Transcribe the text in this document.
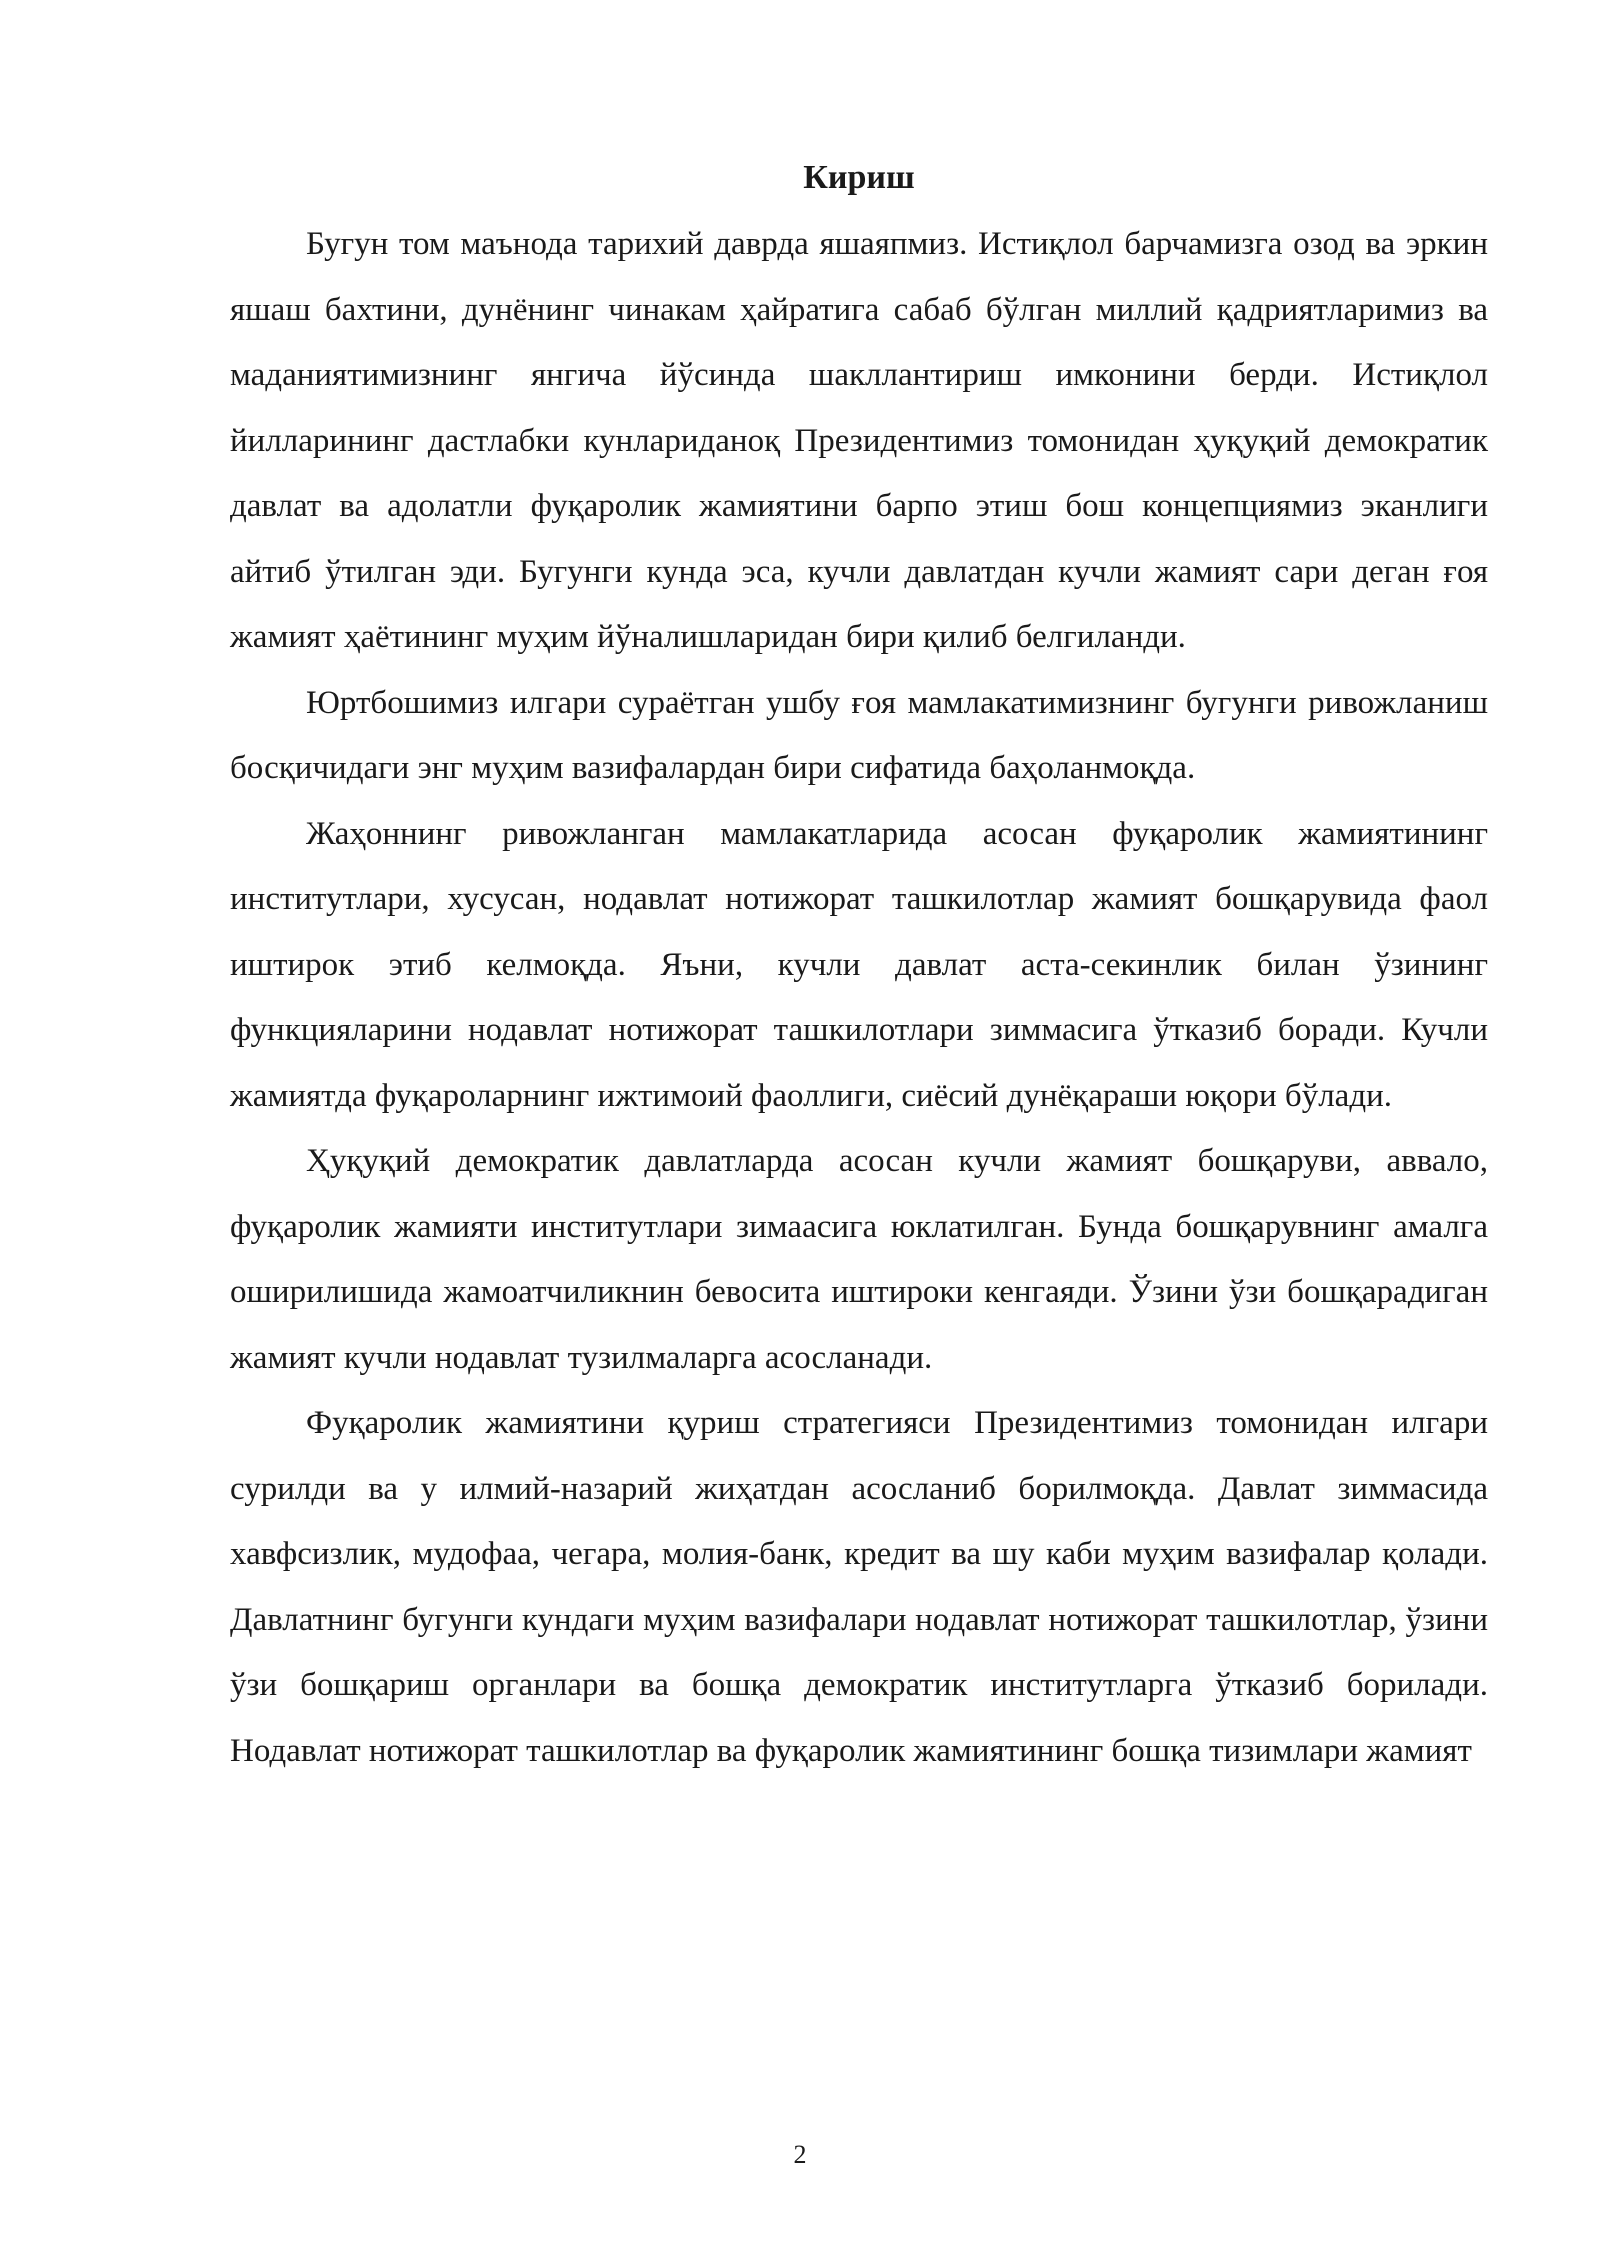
Кириш

Бугун том маънода тарихий даврда яшаяпмиз. Истиқлол барчамизга озод ва эркин яшаш бахтини, дунёнинг чинакам ҳайратига сабаб бўлган миллий қадриятларимиз ва маданиятимизнинг янгича йўсинда шакллантириш имконини берди. Истиқлол йилларининг дастлабки кунлариданоқ Президентимиз томонидан ҳуқуқий демократик давлат ва адолатли фуқаролик жамиятини барпо этиш бош концепциямиз эканлиги айтиб ўтилган эди. Бугунги кунда эса, кучли давлатдан кучли жамият сари деган ғоя жамият ҳаётининг муҳим йўналишларидан бири қилиб белгиланди.

Юртбошимиз илгари сураётган ушбу ғоя мамлакатимизнинг бугунги ривожланиш босқичидаги энг муҳим вазифалардан бири сифатида баҳоланмоқда.

Жаҳоннинг ривожланган мамлакатларида асосан фуқаролик жамиятининг институтлари, хусусан, нодавлат нотижорат ташкилотлар жамият бошқарувида фаол иштирок этиб келмоқда. Яъни, кучли давлат аста-секинлик билан ўзининг функцияларини нодавлат нотижорат ташкилотлари зиммасига ўтказиб боради. Кучли жамиятда фуқароларнинг ижтимоий фаоллиги, сиёсий дунёқараши юқори бўлади.

Ҳуқуқий демократик давлатларда асосан кучли жамият бошқаруви, аввало, фуқаролик жамияти институтлари зимаасига юклатилган. Бунда бошқарувнинг амалга оширилишида жамоатчиликнин бевосита иштироки кенгаяди. Ўзини ўзи бошқарадиган жамият кучли нодавлат тузилмаларга асосланади.

Фуқаролик жамиятини қуриш стратегияси Президентимиз томонидан илгари сурилди ва у илмий-назарий жиҳатдан асосланиб борилмоқда. Давлат зиммасида хавфсизлик, мудофаа, чегара, молия-банк, кредит ва шу каби муҳим вазифалар қолади. Давлатнинг бугунги кундаги муҳим вазифалари нодавлат нотижорат ташкилотлар, ўзини ўзи бошқариш органлари ва бошқа демократик институтларга ўтказиб борилади. Нодавлат нотижорат ташкилотлар ва фуқаролик жамиятининг бошқа тизимлари жамият

2
